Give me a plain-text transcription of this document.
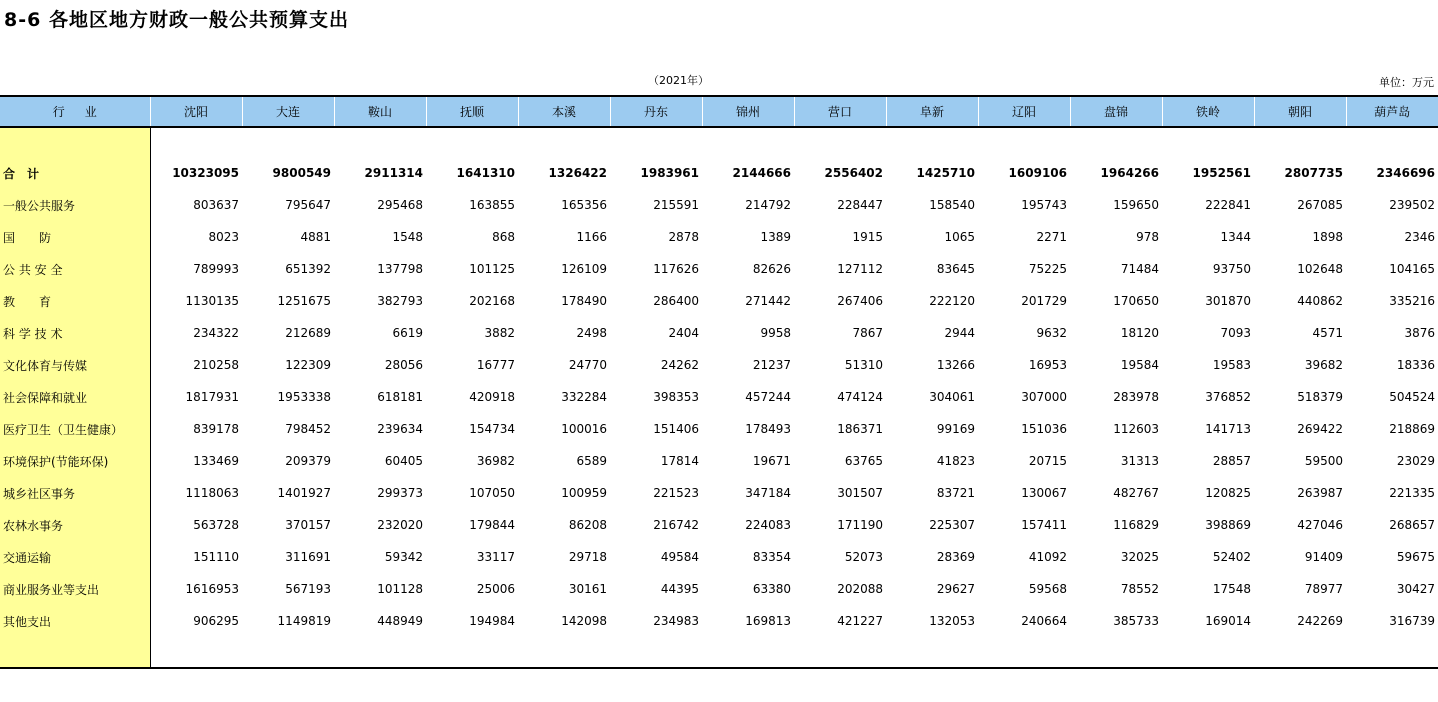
8-6 各地区地方财政一般公共预算支出
（2021年）	单位：万元
行业	沈阳	大连	鞍山	抚顺	本溪	丹东	锦州	营口	阜新	辽阳	盘锦	铁岭	朝阳	葫芦岛

合计	10323095	9800549	2911314	1641310	1326422	1983961	2144666	2556402	1425710	1609106	1964266	1952561	2807735	2346696
一般公共服务	803637	795647	295468	163855	165356	215591	214792	228447	158540	195743	159650	222841	267085	239502
国　　防	8023	4881	1548	868	1166	2878	1389	1915	1065	2271	978	1344	1898	2346
公 共 安 全	789993	651392	137798	101125	126109	117626	82626	127112	83645	75225	71484	93750	102648	104165
教　　育	1130135	1251675	382793	202168	178490	286400	271442	267406	222120	201729	170650	301870	440862	335216
科 学 技 术	234322	212689	6619	3882	2498	2404	9958	7867	2944	9632	18120	7093	4571	3876
文化体育与传媒	210258	122309	28056	16777	24770	24262	21237	51310	13266	16953	19584	19583	39682	18336
社会保障和就业	1817931	1953338	618181	420918	332284	398353	457244	474124	304061	307000	283978	376852	518379	504524
医疗卫生（卫生健康）	839178	798452	239634	154734	100016	151406	178493	186371	99169	151036	112603	141713	269422	218869
环境保护(节能环保)	133469	209379	60405	36982	6589	17814	19671	63765	41823	20715	31313	28857	59500	23029
城乡社区事务	1118063	1401927	299373	107050	100959	221523	347184	301507	83721	130067	482767	120825	263987	221335
农林水事务	563728	370157	232020	179844	86208	216742	224083	171190	225307	157411	116829	398869	427046	268657
交通运输	151110	311691	59342	33117	29718	49584	83354	52073	28369	41092	32025	52402	91409	59675
商业服务业等支出	1616953	567193	101128	25006	30161	44395	63380	202088	29627	59568	78552	17548	78977	30427
其他支出	906295	1149819	448949	194984	142098	234983	169813	421227	132053	240664	385733	169014	242269	316739
